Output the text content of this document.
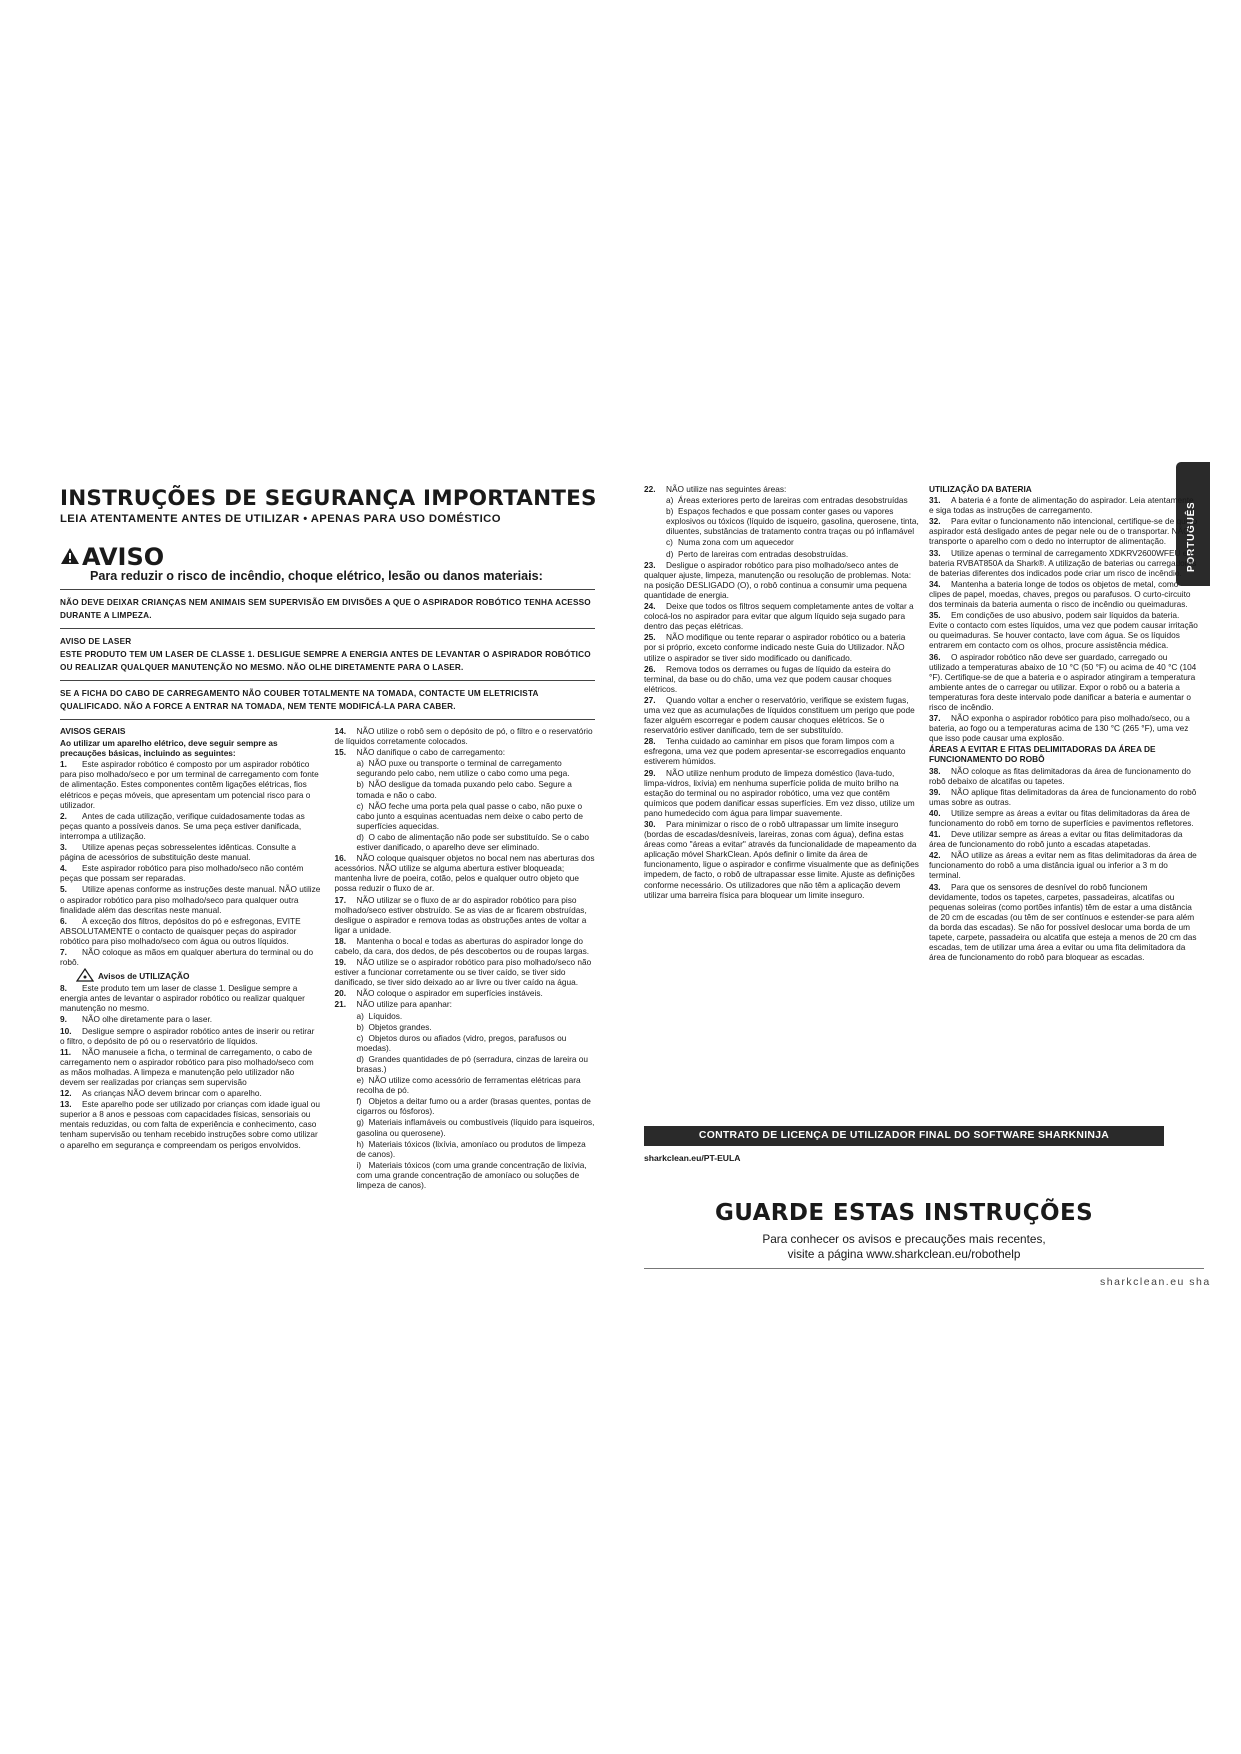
INSTRUÇÕES DE SEGURANÇA IMPORTANTES
LEIA ATENTAMENTE ANTES DE UTILIZAR • APENAS PARA USO DOMÉSTICO
AVISO
Para reduzir o risco de incêndio, choque elétrico, lesão ou danos materiais:

NÃO DEVE DEIXAR CRIANÇAS NEM ANIMAIS SEM SUPERVISÃO EM DIVISÕES A QUE O ASPIRADOR ROBÓTICO TENHA ACESSO DURANTE A LIMPEZA.

AVISO DE LASER

ESTE PRODUTO TEM UM LASER DE CLASSE 1. DESLIGUE SEMPRE A ENERGIA ANTES DE LEVANTAR O ASPIRADOR ROBÓTICO OU REALIZAR QUALQUER MANUTENÇÃO NO MESMO. NÃO OLHE DIRETAMENTE PARA O LASER.

SE A FICHA DO CABO DE CARREGAMENTO NÃO COUBER TOTALMENTE NA TOMADA, CONTACTE UM ELETRICISTA QUALIFICADO. NÃO A FORCE A ENTRAR NA TOMADA, NEM TENTE MODIFICÁ-LA PARA CABER.

AVISOS GERAIS

Ao utilizar um aparelho elétrico, deve seguir sempre as precauções básicas, incluindo as seguintes:

1. Este aspirador robótico é composto por um aspirador robótico para piso molhado/seco e por um terminal de carregamento com fonte de alimentação. Estes componentes contêm ligações elétricas, fios elétricos e peças móveis, que apresentam um potencial risco para o utilizador.

2. Antes de cada utilização, verifique cuidadosamente todas as peças quanto a possíveis danos. Se uma peça estiver danificada, interrompa a utilização.

3. Utilize apenas peças sobresselentes idênticas. Consulte a página de acessórios de substituição deste manual.

4. Este aspirador robótico para piso molhado/seco não contém peças que possam ser reparadas.

5. Utilize apenas conforme as instruções deste manual. NÃO utilize o aspirador robótico para piso molhado/seco para qualquer outra finalidade além das descritas neste manual.

6. À exceção dos filtros, depósitos do pó e esfregonas, EVITE ABSOLUTAMENTE o contacto de quaisquer peças do aspirador robótico para piso molhado/seco com água ou outros líquidos.

7. NÃO coloque as mãos em qualquer abertura do terminal ou do robô.

Avisos de UTILIZAÇÃO

8. Este produto tem um laser de classe 1. Desligue sempre a energia antes de levantar o aspirador robótico ou realizar qualquer manutenção no mesmo.

9. NÃO olhe diretamente para o laser.

10. Desligue sempre o aspirador robótico antes de inserir ou retirar o filtro, o depósito de pó ou o reservatório de líquidos.

11. NÃO manuseie a ficha, o terminal de carregamento, o cabo de carregamento nem o aspirador robótico para piso molhado/seco com as mãos molhadas. A limpeza e manutenção pelo utilizador não devem ser realizadas por crianças sem supervisão

12. As crianças NÃO devem brincar com o aparelho.

13. Este aparelho pode ser utilizado por crianças com idade igual ou superior a 8 anos e pessoas com capacidades físicas, sensoriais ou mentais reduzidas, ou com falta de experiência e conhecimento, caso tenham supervisão ou tenham recebido instruções sobre como utilizar o aparelho em segurança e compreendam os perigos envolvidos.

14. NÃO utilize o robô sem o depósito de pó, o filtro e o reservatório de líquidos corretamente colocados.

15. NÃO danifique o cabo de carregamento:

a) NÃO puxe ou transporte o terminal de carregamento segurando pelo cabo, nem utilize o cabo como uma pega.

b) NÃO desligue da tomada puxando pelo cabo. Segure a tomada e não o cabo.

c) NÃO feche uma porta pela qual passe o cabo, não puxe o cabo junto a esquinas acentuadas nem deixe o cabo perto de superfícies aquecidas.

d) O cabo de alimentação não pode ser substituído. Se o cabo estiver danificado, o aparelho deve ser eliminado.

16. NÃO coloque quaisquer objetos no bocal nem nas aberturas dos acessórios. NÃO utilize se alguma abertura estiver bloqueada; mantenha livre de poeira, cotão, pelos e qualquer outro objeto que possa reduzir o fluxo de ar.

17. NÃO utilizar se o fluxo de ar do aspirador robótico para piso molhado/seco estiver obstruído. Se as vias de ar ficarem obstruídas, desligue o aspirador e remova todas as obstruções antes de voltar a ligar a unidade.

18. Mantenha o bocal e todas as aberturas do aspirador longe do cabelo, da cara, dos dedos, de pés descobertos ou de roupas largas.

19. NÃO utilize se o aspirador robótico para piso molhado/seco não estiver a funcionar corretamente ou se tiver caído, se tiver sido danificado, se tiver sido deixado ao ar livre ou tiver caído na água.

20. NÃO coloque o aspirador em superfícies instáveis.

21. NÃO utilize para apanhar:

a) Líquidos.

b) Objetos grandes.

c) Objetos duros ou afiados (vidro, pregos, parafusos ou moedas).

d) Grandes quantidades de pó (serradura, cinzas de lareira ou brasas.)

e) NÃO utilize como acessório de ferramentas elétricas para recolha de pó.

f) Objetos a deitar fumo ou a arder (brasas quentes, pontas de cigarros ou fósforos).

g) Materiais inflamáveis ou combustíveis (líquido para isqueiros, gasolina ou querosene).

h) Materiais tóxicos (lixívia, amoníaco ou produtos de limpeza de canos).

i) Materiais tóxicos (com uma grande concentração de lixívia, com uma grande concentração de amoníaco ou soluções de limpeza de canos).

PORTUGUÊS

22. NÃO utilize nas seguintes áreas:

a) Áreas exteriores perto de lareiras com entradas desobstruídas

b) Espaços fechados e que possam conter gases ou vapores explosivos ou tóxicos (líquido de isqueiro, gasolina, querosene, tinta, diluentes, substâncias de tratamento contra traças ou pó inflamável

c) Numa zona com um aquecedor

d) Perto de lareiras com entradas desobstruídas.

23. Desligue o aspirador robótico para piso molhado/seco antes de qualquer ajuste, limpeza, manutenção ou resolução de problemas. Nota: na posição DESLIGADO (O), o robô continua a consumir uma pequena quantidade de energia.

24. Deixe que todos os filtros sequem completamente antes de voltar a colocá-los no aspirador para evitar que algum líquido seja sugado para dentro das peças elétricas.

25. NÃO modifique ou tente reparar o aspirador robótico ou a bateria por si próprio, exceto conforme indicado neste Guia do Utilizador. NÃO utilize o aspirador se tiver sido modificado ou danificado.

26. Remova todos os derrames ou fugas de líquido da esteira do terminal, da base ou do chão, uma vez que podem causar choques elétricos.

27. Quando voltar a encher o reservatório, verifique se existem fugas, uma vez que as acumulações de líquidos constituem um perigo que pode fazer alguém escorregar e podem causar choques elétricos. Se o reservatório estiver danificado, tem de ser substituído.

28. Tenha cuidado ao caminhar em pisos que foram limpos com a esfregona, uma vez que podem apresentar-se escorregadios enquanto estiverem húmidos.

29. NÃO utilize nenhum produto de limpeza doméstico (lava-tudo, limpa-vidros, lixívia) em nenhuma superfície polida de muito brilho na estação do terminal ou no aspirador robótico, uma vez que contêm químicos que podem danificar essas superfícies. Em vez disso, utilize um pano humedecido com água para limpar suavemente.

30. Para minimizar o risco de o robô ultrapassar um limite inseguro (bordas de escadas/desníveis, lareiras, zonas com água), defina estas áreas como "áreas a evitar" através da funcionalidade de mapeamento da aplicação móvel SharkClean. Após definir o limite da área de funcionamento, ligue o aspirador e confirme visualmente que as definições impedem, de facto, o robô de ultrapassar esse limite. Ajuste as definições conforme necessário. Os utilizadores que não têm a aplicação devem utilizar uma barreira física para bloquear um limite inseguro.

UTILIZAÇÃO DA BATERIA

31. A bateria é a fonte de alimentação do aspirador. Leia atentamente e siga todas as instruções de carregamento.

32. Para evitar o funcionamento não intencional, certifique-se de que o aspirador está desligado antes de pegar nele ou de o transportar. NÃO transporte o aparelho com o dedo no interruptor de alimentação.

33. Utilize apenas o terminal de carregamento XDKRV2600WFEU e a bateria RVBAT850A da Shark®. A utilização de baterias ou carregadores de baterias diferentes dos indicados pode criar um risco de incêndio.

34. Mantenha a bateria longe de todos os objetos de metal, como clipes de papel, moedas, chaves, pregos ou parafusos. O curto-circuito dos terminais da bateria aumenta o risco de incêndio ou queimaduras.

35. Em condições de uso abusivo, podem sair líquidos da bateria. Evite o contacto com estes líquidos, uma vez que podem causar irritação ou queimaduras. Se houver contacto, lave com água. Se os líquidos entrarem em contacto com os olhos, procure assistência médica.

36. O aspirador robótico não deve ser guardado, carregado ou utilizado a temperaturas abaixo de 10 °C (50 °F) ou acima de 40 °C (104 °F). Certifique-se de que a bateria e o aspirador atingiram a temperatura ambiente antes de o carregar ou utilizar. Expor o robô ou a bateria a temperaturas fora deste intervalo pode danificar a bateria e aumentar o risco de incêndio.

37. NÃO exponha o aspirador robótico para piso molhado/seco, ou a bateria, ao fogo ou a temperaturas acima de 130 °C (265 °F), uma vez que isso pode causar uma explosão.

ÁREAS A EVITAR E FITAS DELIMITADORAS DA ÁREA DE FUNCIONAMENTO DO ROBÔ

38. NÃO coloque as fitas delimitadoras da área de funcionamento do robô debaixo de alcatifas ou tapetes.

39. NÃO aplique fitas delimitadoras da área de funcionamento do robô umas sobre as outras.

40. Utilize sempre as áreas a evitar ou fitas delimitadoras da área de funcionamento do robô em torno de superfícies e pavimentos refletores.

41. Deve utilizar sempre as áreas a evitar ou fitas delimitadoras da área de funcionamento do robô junto a escadas atapetadas.

42. NÃO utilize as áreas a evitar nem as fitas delimitadoras da área de funcionamento do robô a uma distância igual ou inferior a 3 m do terminal.

43. Para que os sensores de desnível do robô funcionem devidamente, todos os tapetes, carpetes, passadeiras, alcatifas ou pequenas soleiras (como portões infantis) têm de estar a uma distância de 20 cm de escadas (ou têm de ser contínuos e estender-se para além da borda das escadas). Se não for possível deslocar uma borda de um tapete, carpete, passadeira ou alcatifa que esteja a menos de 20 cm das escadas, tem de utilizar uma área a evitar ou uma fita delimitadora da área de funcionamento do robô para bloquear as escadas.

CONTRATO DE LICENÇA DE UTILIZADOR FINAL DO SOFTWARE SHARKNINJA
sharkclean.eu/PT-EULA
GUARDE ESTAS INSTRUÇÕES
Para conhecer os avisos e precauções mais recentes,
visite a página www.sharkclean.eu/robothelp
sharkclean.eu sha
